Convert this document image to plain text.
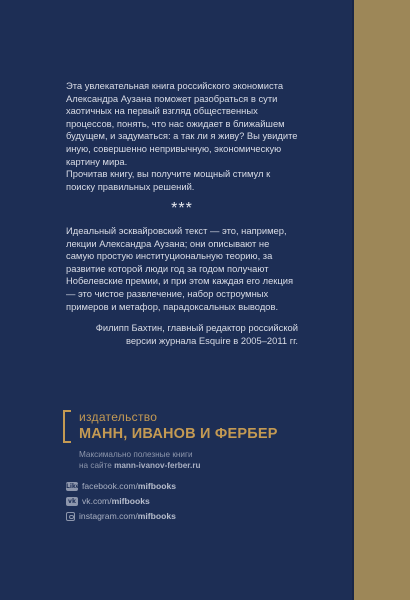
Эта увлекательная книга российского экономиста Александра Аузана поможет разобраться в сути хаотичных на первый взгляд общественных процессов, понять, что нас ожидает в ближайшем будущем, и задуматься: а так ли я живу? Вы увидите иную, совершенно непривычную, экономическую картину мира.
Прочитав книгу, вы получите мощный стимул к поиску правильных решений.
***
Идеальный эсквайровский текст — это, например, лекции Александра Аузана; они описывают не самую простую институциональную теорию, за развитие которой люди год за годом получают Нобелевские премии, и при этом каждая его лекция — это чистое развлечение, набор остроумных примеров и метафор, парадоксальных выводов.
Филипп Бахтин, главный редактор российской версии журнала Esquire в 2005–2011 гг.
издательство
МАНН, ИВАНОВ И ФЕРБЕР
Максимально полезные книги
на сайте mann-ivanov-ferber.ru
Like facebook.com/ mifbooks
vk vk.com/ mifbooks
instagram.com/ mifbooks
